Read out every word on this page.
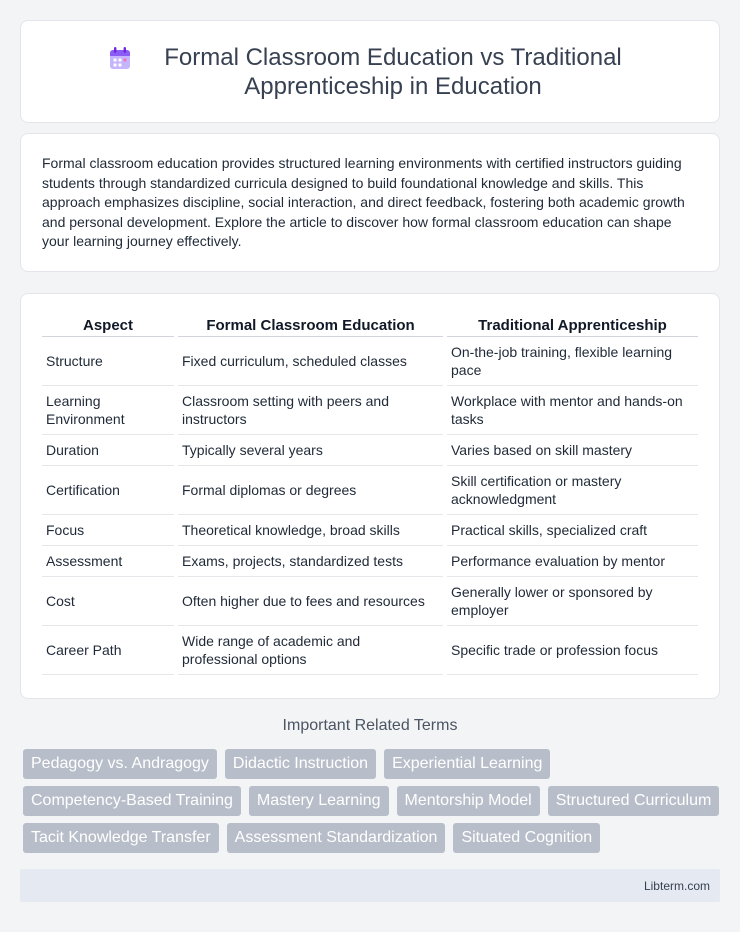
Formal Classroom Education vs Traditional Apprenticeship in Education

Formal classroom education provides structured learning environments with certified instructors guiding students through standardized curricula designed to build foundational knowledge and skills. This approach emphasizes discipline, social interaction, and direct feedback, fostering both academic growth and personal development. Explore the article to discover how formal classroom education can shape your learning journey effectively.

Aspect	Formal Classroom Education	Traditional Apprenticeship
Structure	Fixed curriculum, scheduled classes	On-the-job training, flexible learning pace
Learning Environment	Classroom setting with peers and instructors	Workplace with mentor and hands-on tasks
Duration	Typically several years	Varies based on skill mastery
Certification	Formal diplomas or degrees	Skill certification or mastery acknowledgment
Focus	Theoretical knowledge, broad skills	Practical skills, specialized craft
Assessment	Exams, projects, standardized tests	Performance evaluation by mentor
Cost	Often higher due to fees and resources	Generally lower or sponsored by employer
Career Path	Wide range of academic and professional options	Specific trade or profession focus
Important Related Terms
Pedagogy vs. Andragogy	Didactic Instruction	Experiential Learning
Competency-Based Training	Mastery Learning	Mentorship Model	Structured Curriculum
Tacit Knowledge Transfer	Assessment Standardization	Situated Cognition
Libterm.com
